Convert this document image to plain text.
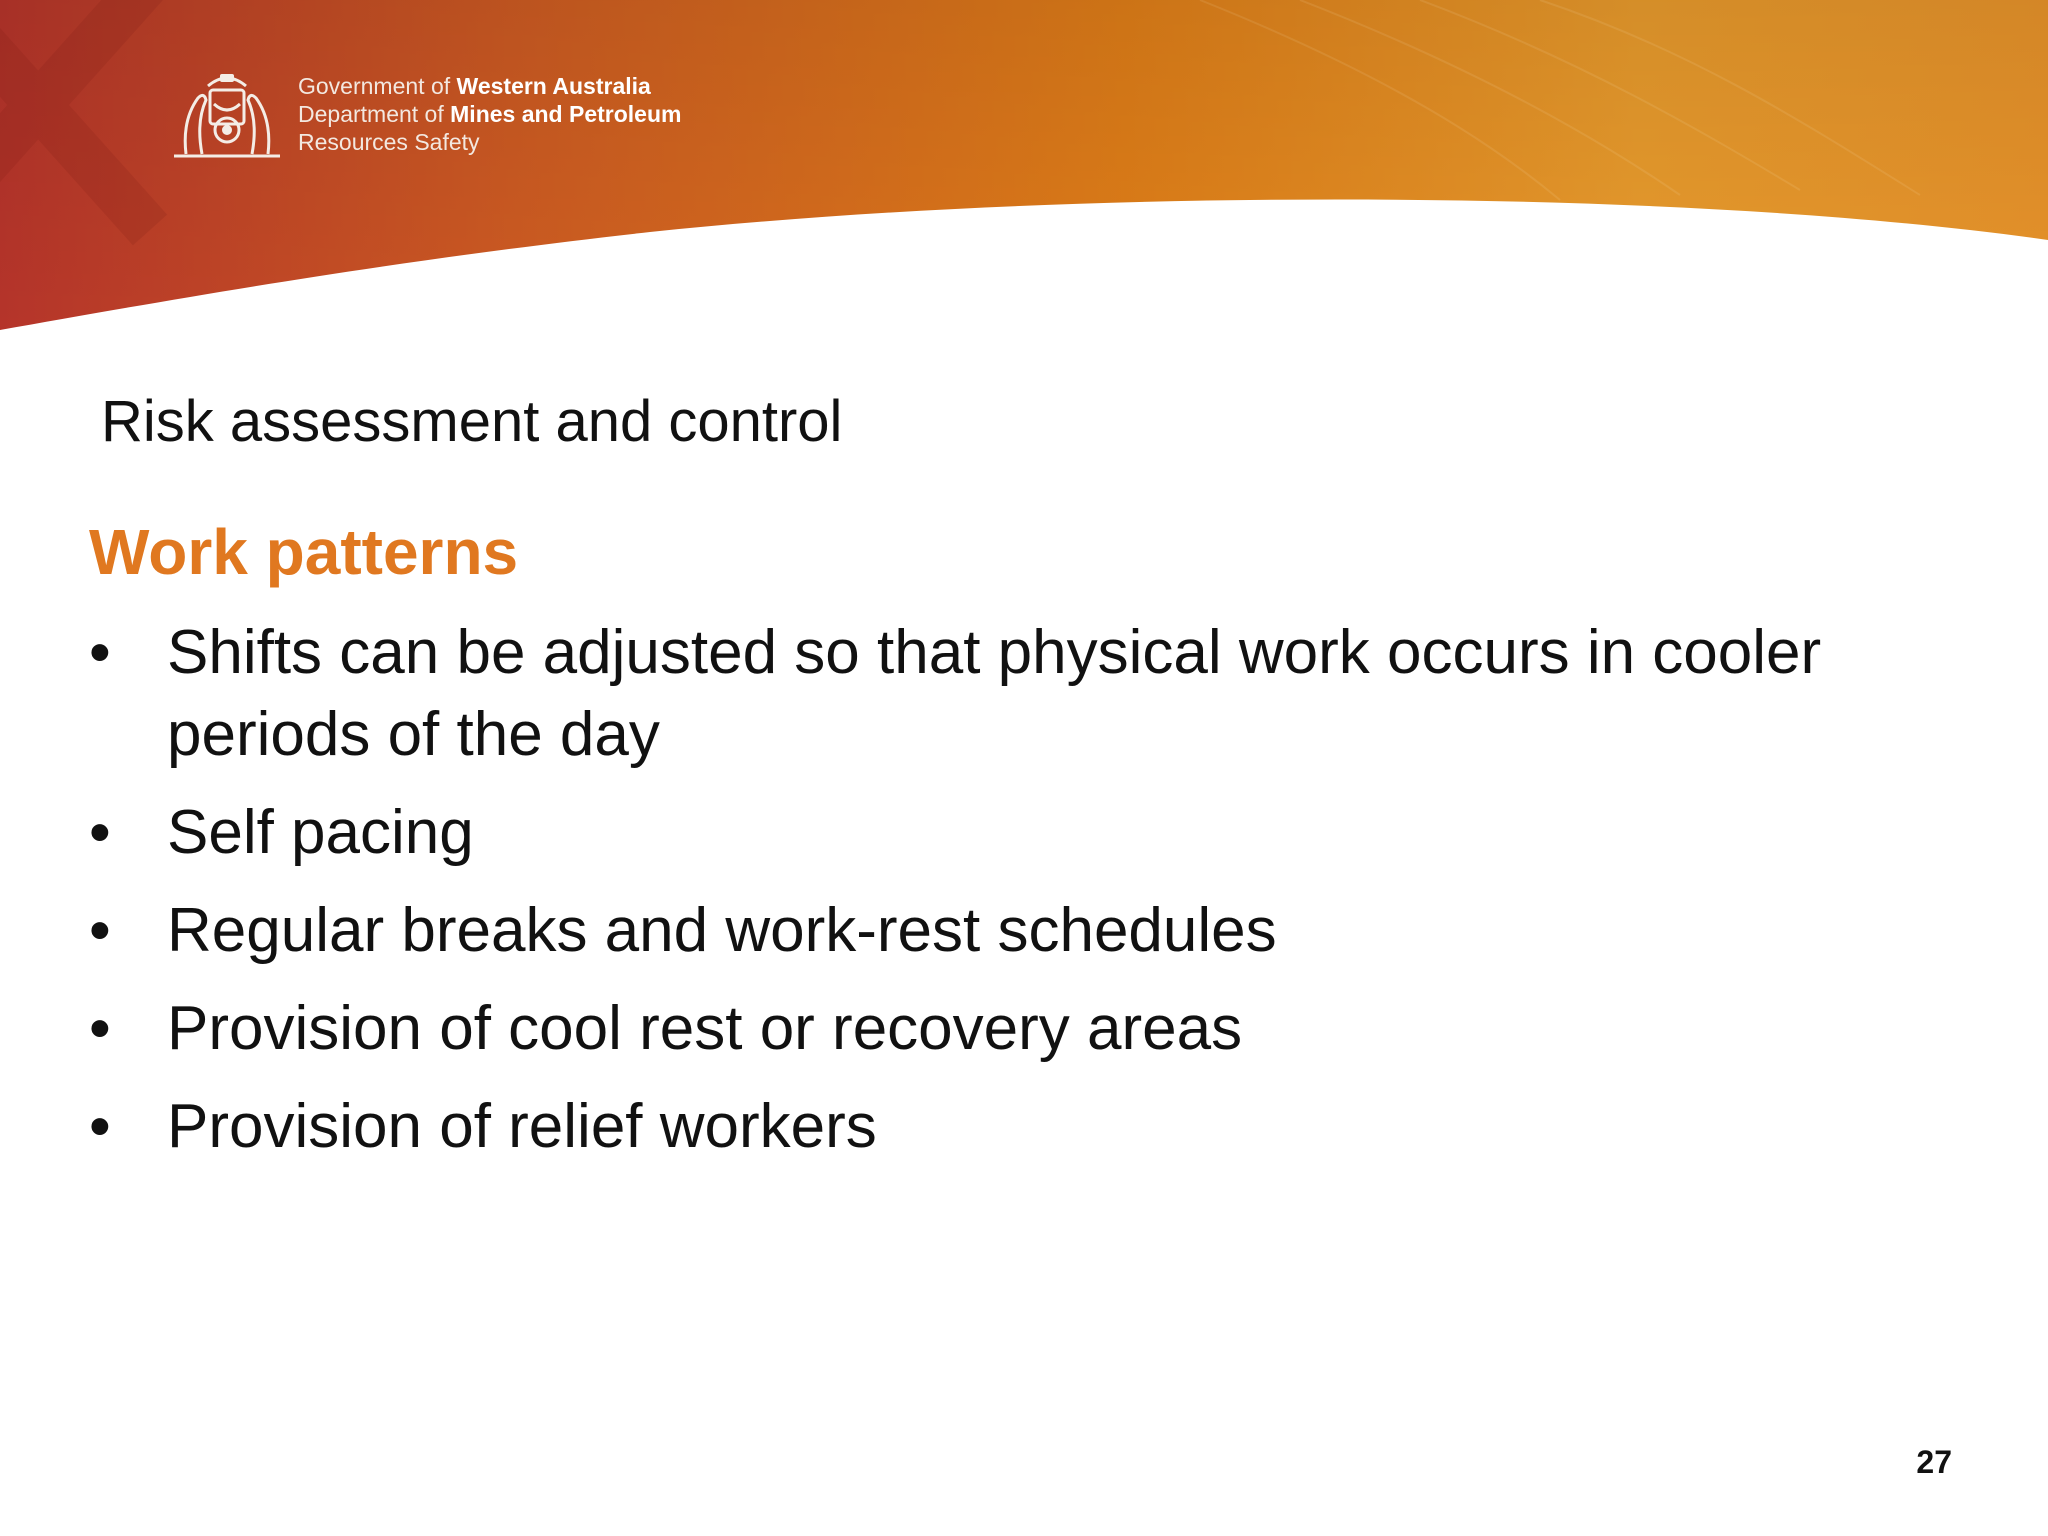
Government of Western Australia
Department of Mines and Petroleum
Resources Safety
Risk assessment and control
Work patterns
• Shifts can be adjusted so that physical work occurs in cooler periods of the day
• Self pacing
• Regular breaks and work-rest schedules
• Provision of cool rest or recovery areas
• Provision of relief workers
27
